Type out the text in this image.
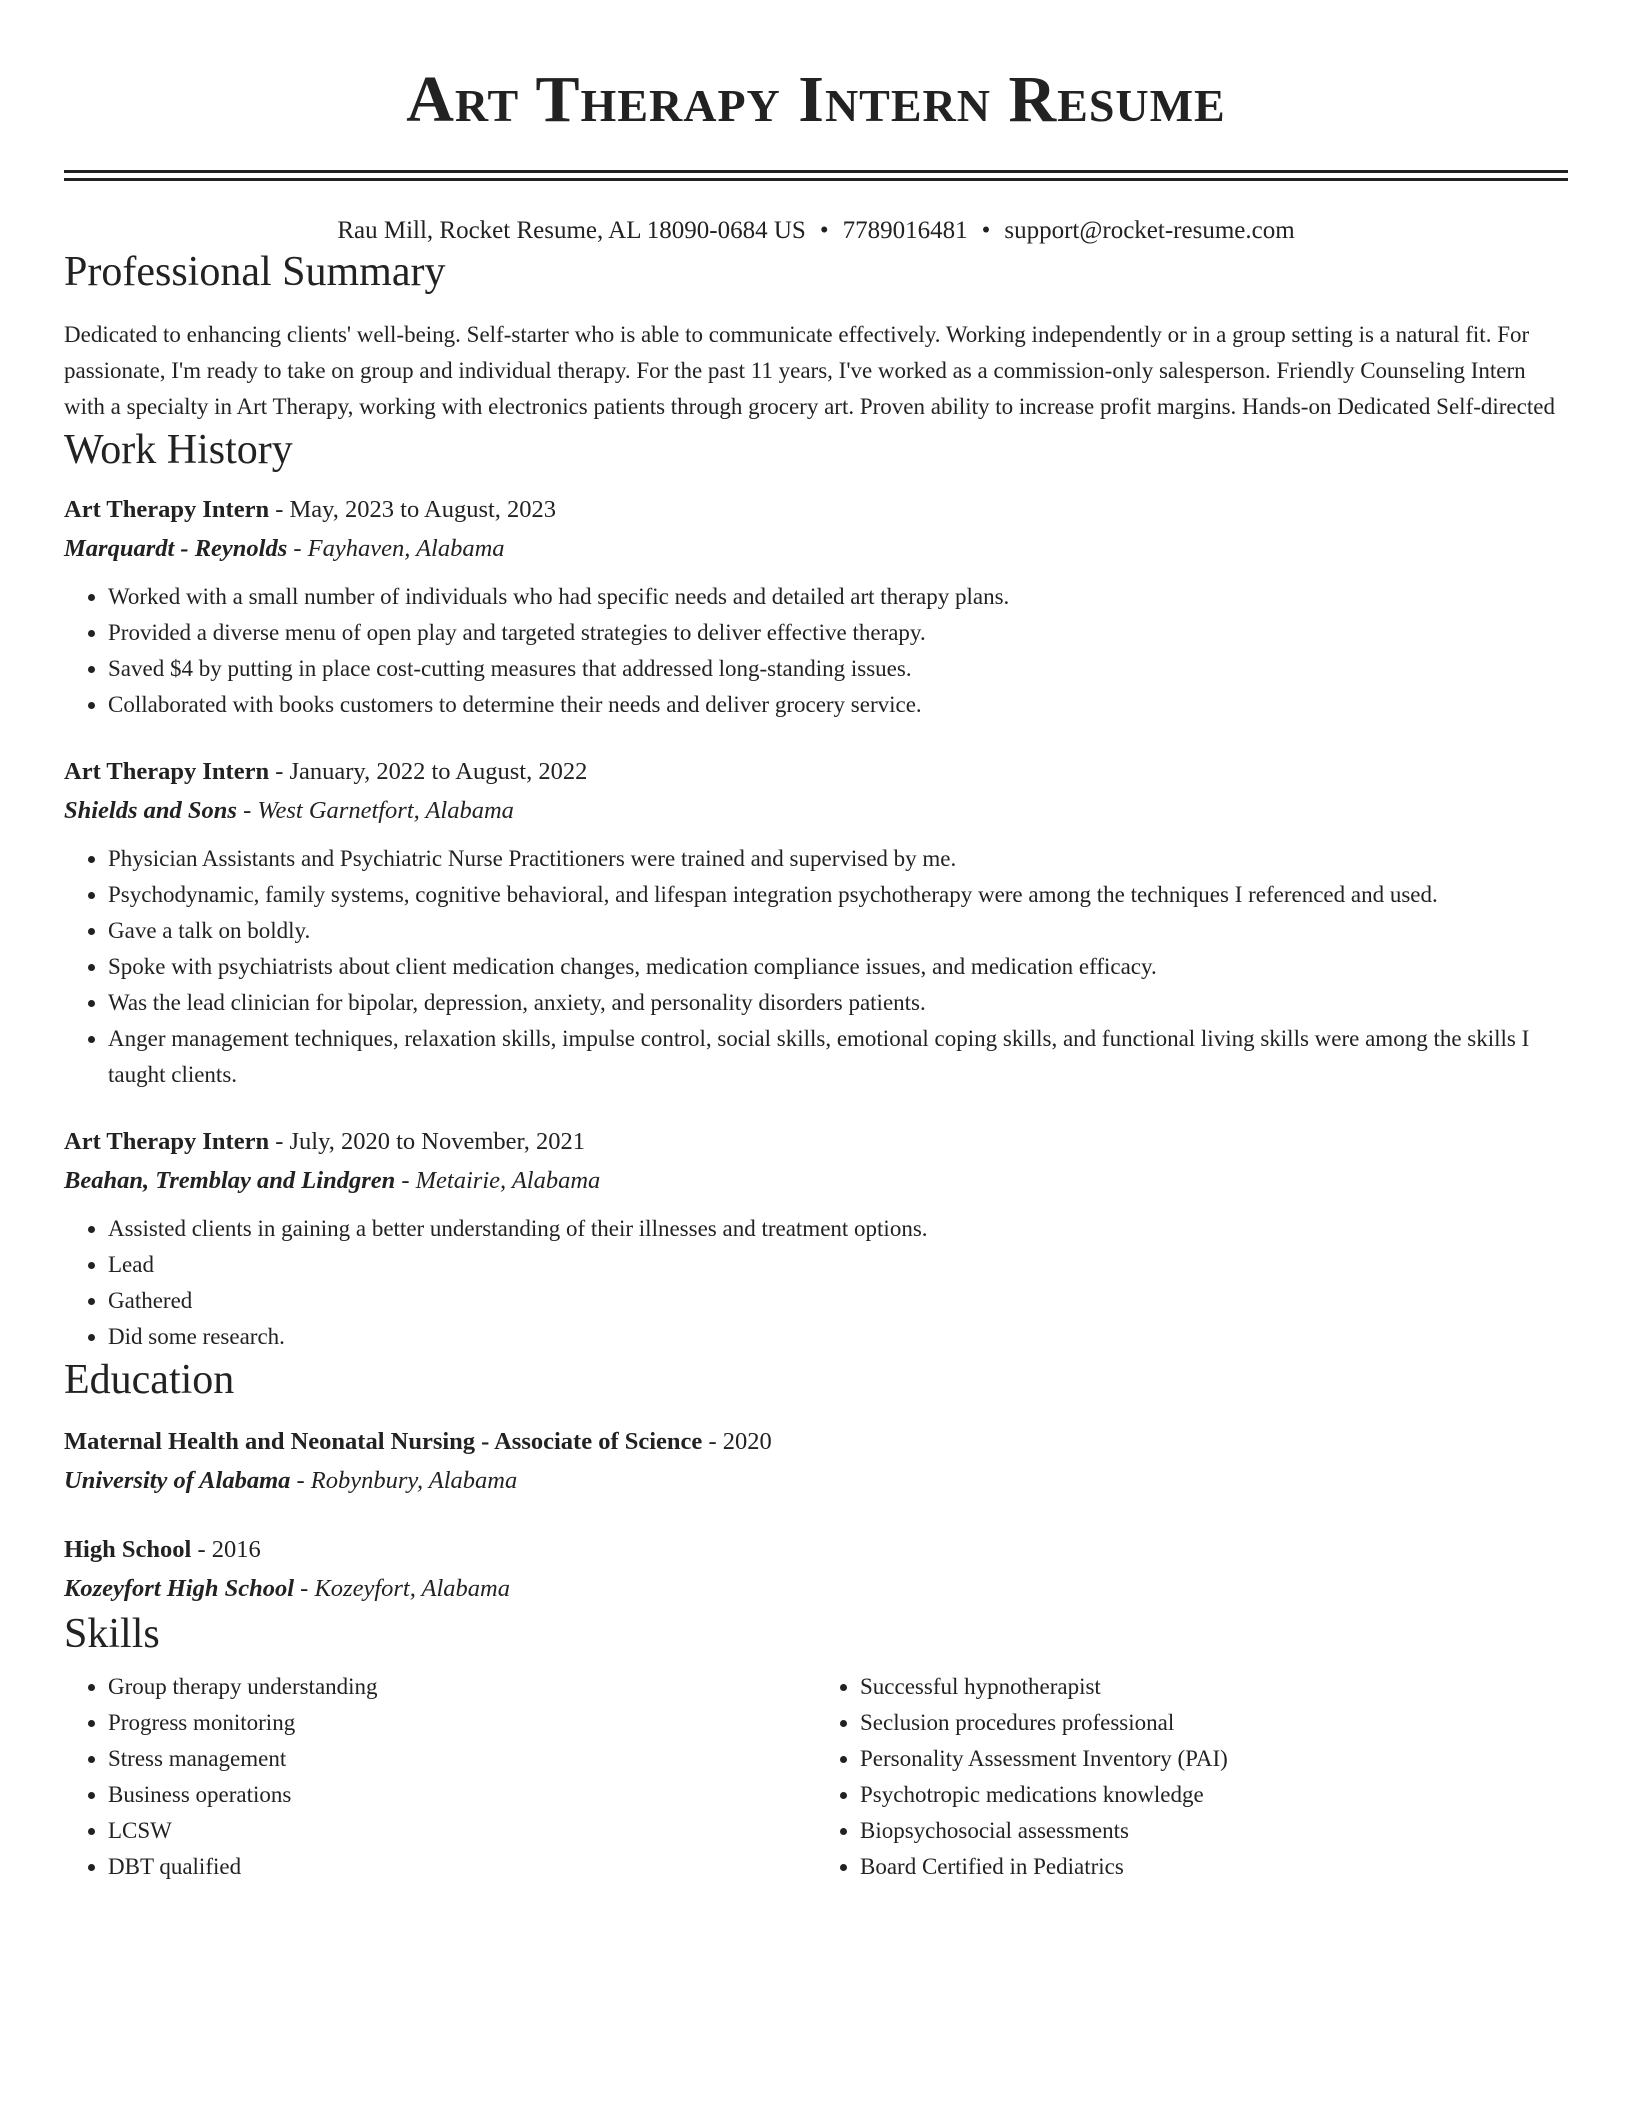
Art Therapy Intern Resume
Rau Mill, Rocket Resume, AL 18090-0684 US • 7789016481 • support@rocket-resume.com
Professional Summary

Dedicated to enhancing clients' well-being. Self-starter who is able to communicate effectively. Working independently or in a group setting is a natural fit. For passionate, I'm ready to take on group and individual therapy. For the past 11 years, I've worked as a commission-only salesperson. Friendly Counseling Intern with a specialty in Art Therapy, working with electronics patients through grocery art. Proven ability to increase profit margins. Hands-on Dedicated Self-directed

Work History
Art Therapy Intern - May, 2023 to August, 2023
Marquardt - Reynolds - Fayhaven, Alabama
• Worked with a small number of individuals who had specific needs and detailed art therapy plans.
• Provided a diverse menu of open play and targeted strategies to deliver effective therapy.
• Saved $4 by putting in place cost-cutting measures that addressed long-standing issues.
• Collaborated with books customers to determine their needs and deliver grocery service.
Art Therapy Intern - January, 2022 to August, 2022
Shields and Sons - West Garnetfort, Alabama
• Physician Assistants and Psychiatric Nurse Practitioners were trained and supervised by me.
• Psychodynamic, family systems, cognitive behavioral, and lifespan integration psychotherapy were among the techniques I referenced and used.
• Gave a talk on boldly.
• Spoke with psychiatrists about client medication changes, medication compliance issues, and medication efficacy.
• Was the lead clinician for bipolar, depression, anxiety, and personality disorders patients.
• Anger management techniques, relaxation skills, impulse control, social skills, emotional coping skills, and functional living skills were among the skills I taught clients.
Art Therapy Intern - July, 2020 to November, 2021
Beahan, Tremblay and Lindgren - Metairie, Alabama
• Assisted clients in gaining a better understanding of their illnesses and treatment options.
• Lead
• Gathered
• Did some research.
Education
Maternal Health and Neonatal Nursing - Associate of Science - 2020
University of Alabama - Robynbury, Alabama
High School - 2016
Kozeyfort High School - Kozeyfort, Alabama
Skills
• Group therapy understanding
• Progress monitoring
• Stress management
• Business operations
• LCSW
• DBT qualified
• Successful hypnotherapist
• Seclusion procedures professional
• Personality Assessment Inventory (PAI)
• Psychotropic medications knowledge
• Biopsychosocial assessments
• Board Certified in Pediatrics
